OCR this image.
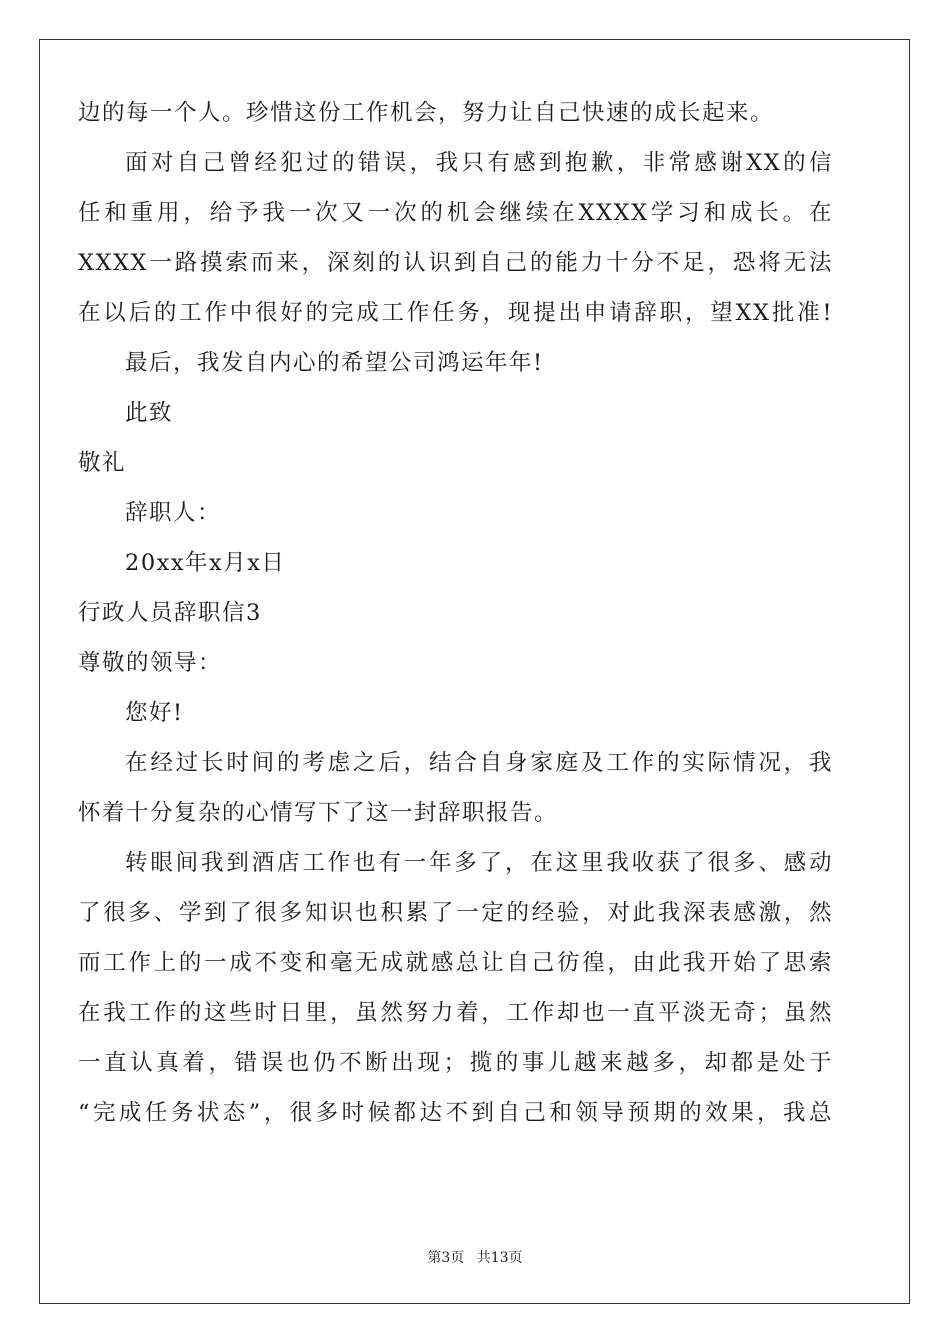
边的每一个人。珍惜这份工作机会，努力让自己快速的成长起来。
面对自己曾经犯过的错误，我只有感到抱歉，非常感谢XX的信
任和重用，给予我一次又一次的机会继续在XXXX学习和成长。在
XXXX一路摸索而来，深刻的认识到自己的能力十分不足，恐将无法
在以后的工作中很好的完成工作任务，现提出申请辞职，望XX批准!
最后，我发自内心的希望公司鸿运年年!
此致
敬礼
辞职人：
20xx年x月x日
行政人员辞职信3
尊敬的领导：
您好!
在经过长时间的考虑之后，结合自身家庭及工作的实际情况，我
怀着十分复杂的心情写下了这一封辞职报告。
转眼间我到酒店工作也有一年多了，在这里我收获了很多、感动
了很多、学到了很多知识也积累了一定的经验，对此我深表感激，然
而工作上的一成不变和毫无成就感总让自己彷徨，由此我开始了思索
在我工作的这些时日里，虽然努力着，工作却也一直平淡无奇；虽然
一直认真着，错误也仍不断出现；揽的事儿越来越多，却都是处于
“完成任务状态”，很多时候都达不到自己和领导预期的效果，我总
第3页 共13页
